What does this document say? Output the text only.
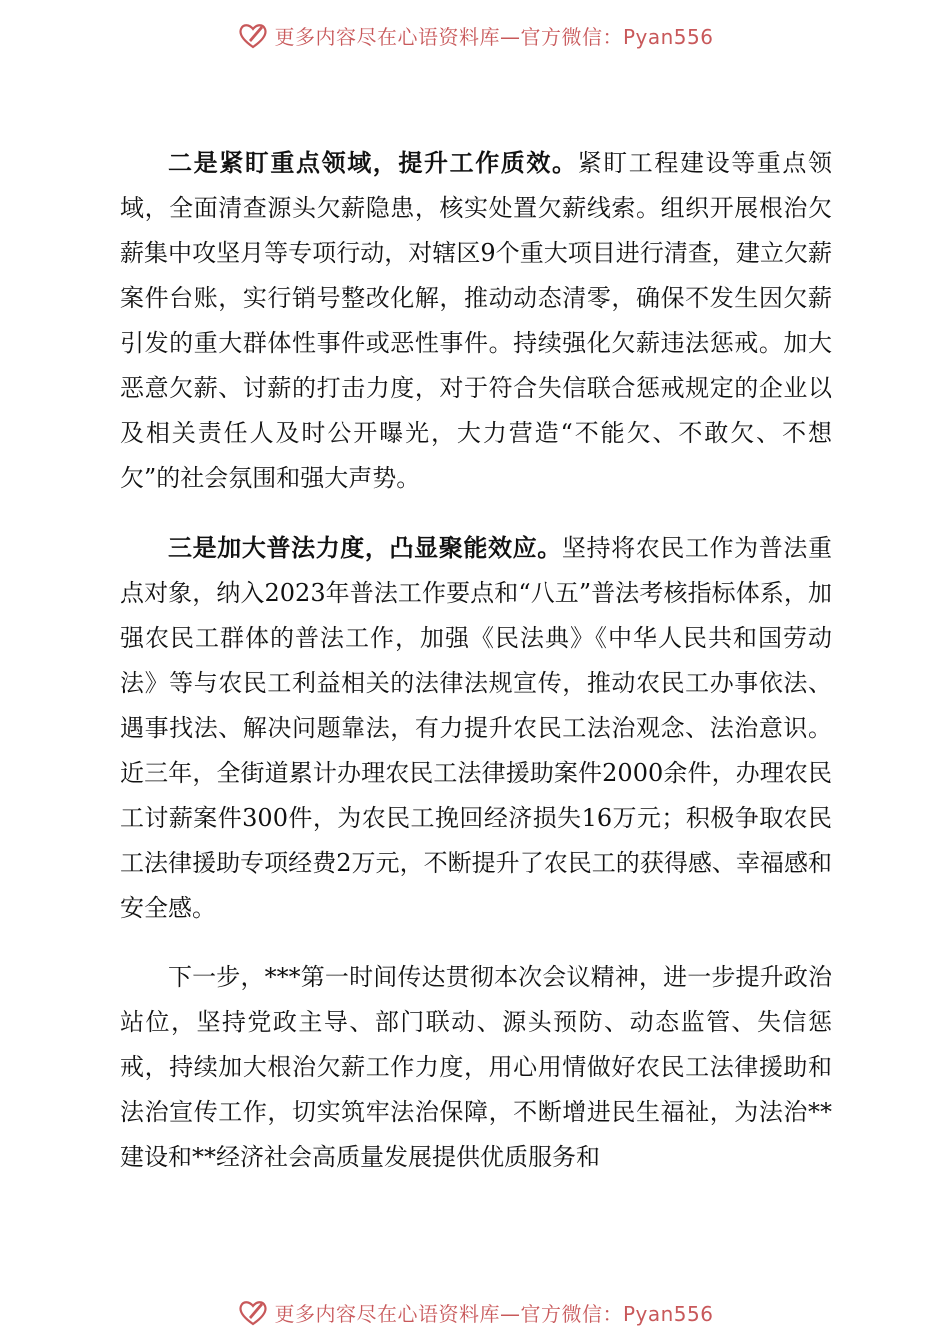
更多内容尽在心语资料库—官方微信：Pyan556

二是紧盯重点领域，提升工作质效。紧盯工程建设等重点领域，全面清查源头欠薪隐患，核实处置欠薪线索。组织开展根治欠薪集中攻坚月等专项行动，对辖区9个重大项目进行清查，建立欠薪案件台账，实行销号整改化解，推动动态清零，确保不发生因欠薪引发的重大群体性事件或恶性事件。持续强化欠薪违法惩戒。加大恶意欠薪、讨薪的打击力度，对于符合失信联合惩戒规定的企业以及相关责任人及时公开曝光，大力营造“不能欠、不敢欠、不想欠”的社会氛围和强大声势。

三是加大普法力度，凸显聚能效应。坚持将农民工作为普法重点对象，纳入2023年普法工作要点和“八五”普法考核指标体系，加强农民工群体的普法工作，加强《民法典》《中华人民共和国劳动法》等与农民工利益相关的法律法规宣传，推动农民工办事依法、遇事找法、解决问题靠法，有力提升农民工法治观念、法治意识。近三年，全街道累计办理农民工法律援助案件2000余件，办理农民工讨薪案件300件，为农民工挽回经济损失16万元；积极争取农民工法律援助专项经费2万元，不断提升了农民工的获得感、幸福感和安全感。

下一步，***第一时间传达贯彻本次会议精神，进一步提升政治站位，坚持党政主导、部门联动、源头预防、动态监管、失信惩戒，持续加大根治欠薪工作力度，用心用情做好农民工法律援助和法治宣传工作，切实筑牢法治保障，不断增进民生福祉，为法治**建设和**经济社会高质量发展提供优质服务和

更多内容尽在心语资料库—官方微信：Pyan556
